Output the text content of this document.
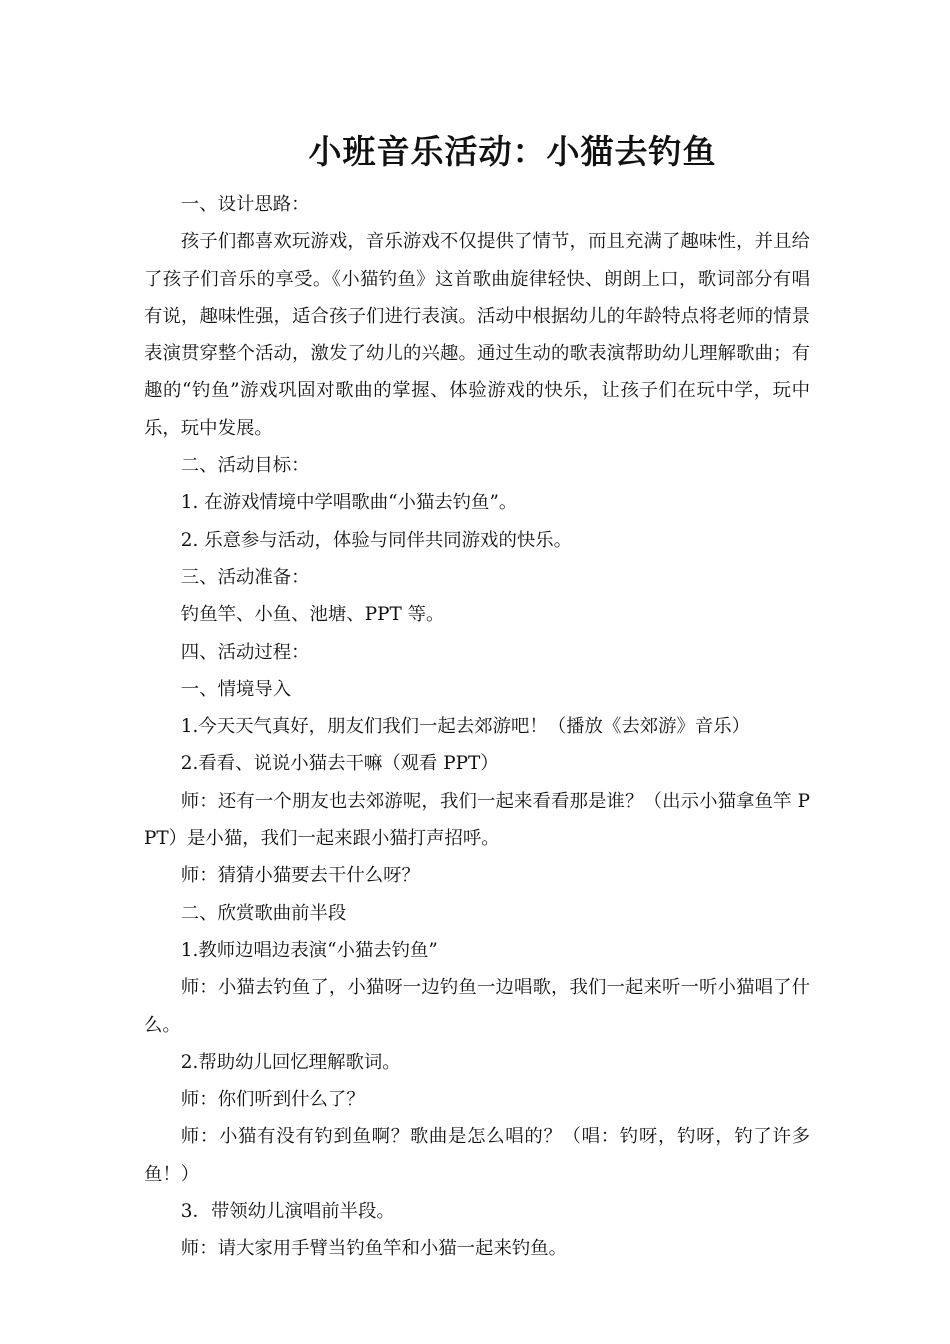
小班音乐活动：小猫去钓鱼

一、设计思路：

孩子们都喜欢玩游戏，音乐游戏不仅提供了情节，而且充满了趣味性，并且给了孩子们音乐的享受。《小猫钓鱼》这首歌曲旋律轻快、朗朗上口，歌词部分有唱有说，趣味性强，适合孩子们进行表演。活动中根据幼儿的年龄特点将老师的情景表演贯穿整个活动，激发了幼儿的兴趣。通过生动的歌表演帮助幼儿理解歌曲；有趣的“钓鱼”游戏巩固对歌曲的掌握、体验游戏的快乐，让孩子们在玩中学，玩中乐，玩中发展。

二、活动目标：

1. 在游戏情境中学唱歌曲“小猫去钓鱼”。

2. 乐意参与活动，体验与同伴共同游戏的快乐。

三、活动准备：

钓鱼竿、小鱼、池塘、PPT 等。

四、活动过程：

一、情境导入

1.今天天气真好，朋友们我们一起去郊游吧！（播放《去郊游》音乐）

2.看看、说说小猫去干嘛（观看 PPT）

师：还有一个朋友也去郊游呢，我们一起来看看那是谁？（出示小猫拿鱼竿 PPT）是小猫，我们一起来跟小猫打声招呼。

师：猜猜小猫要去干什么呀？

二、欣赏歌曲前半段

1.教师边唱边表演“小猫去钓鱼”

师：小猫去钓鱼了，小猫呀一边钓鱼一边唱歌，我们一起来听一听小猫唱了什么。

2.帮助幼儿回忆理解歌词。

师：你们听到什么了？

师：小猫有没有钓到鱼啊？歌曲是怎么唱的？（唱：钓呀，钓呀，钓了许多鱼！）

3．带领幼儿演唱前半段。

师：请大家用手臂当钓鱼竿和小猫一起来钓鱼。
